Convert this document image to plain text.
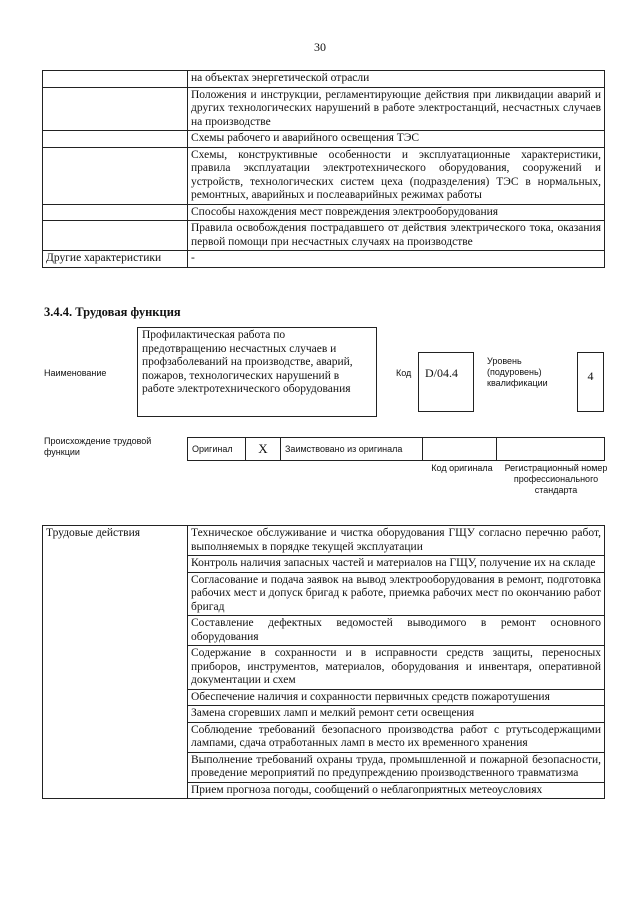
30
	на объектах энергетической отрасли
	Положения и инструкции, регламентирующие действия при ликвидации аварий и других технологических нарушений в работе электростанций, несчастных случаев на производстве
	Схемы рабочего и аварийного освещения ТЭС
	Схемы, конструктивные особенности и эксплуатационные характеристики, правила эксплуатации электротехнического оборудования, сооружений и устройств, технологических систем цеха (подразделения) ТЭС в нормальных, ремонтных, аварийных и послеаварийных режимах работы
	Способы нахождения мест повреждения электрооборудования
	Правила освобождения пострадавшего от действия электрического тока, оказания первой помощи при несчастных случаях на производстве
Другие характеристики	-
3.4.4. Трудовая функция
Наименование
Профилактическая работа по предотвращению несчастных случаев и профзаболеваний на производстве, аварий, пожаров, технологических нарушений в работе электротехнического оборудования
Код	D/04.4
Уровень (подуровень) квалификации	4
Происхождение трудовой функции	Оригинал	X	Заимствовано из оригинала
Код оригинала	Регистрационный номер профессионального стандарта
Трудовые действия	Техническое обслуживание и чистка оборудования ГЩУ согласно перечню работ, выполняемых в порядке текущей эксплуатации
Контроль наличия запасных частей и материалов на ГЩУ, получение их на складе
Согласование и подача заявок на вывод электрооборудования в ремонт, подготовка рабочих мест и допуск бригад к работе, приемка рабочих мест по окончанию работ бригад
Составление дефектных ведомостей выводимого в ремонт основного оборудования
Содержание в сохранности и в исправности средств защиты, переносных приборов, инструментов, материалов, оборудования и инвентаря, оперативной документации и схем
Обеспечение наличия и сохранности первичных средств пожаротушения
Замена сгоревших ламп и мелкий ремонт сети освещения
Соблюдение требований безопасного производства работ с ртутьсодержащими лампами, сдача отработанных ламп в место их временного хранения
Выполнение требований охраны труда, промышленной и пожарной безопасности, проведение мероприятий по предупреждению производственного травматизма
Прием прогноза погоды, сообщений о неблагоприятных метеоусловиях
